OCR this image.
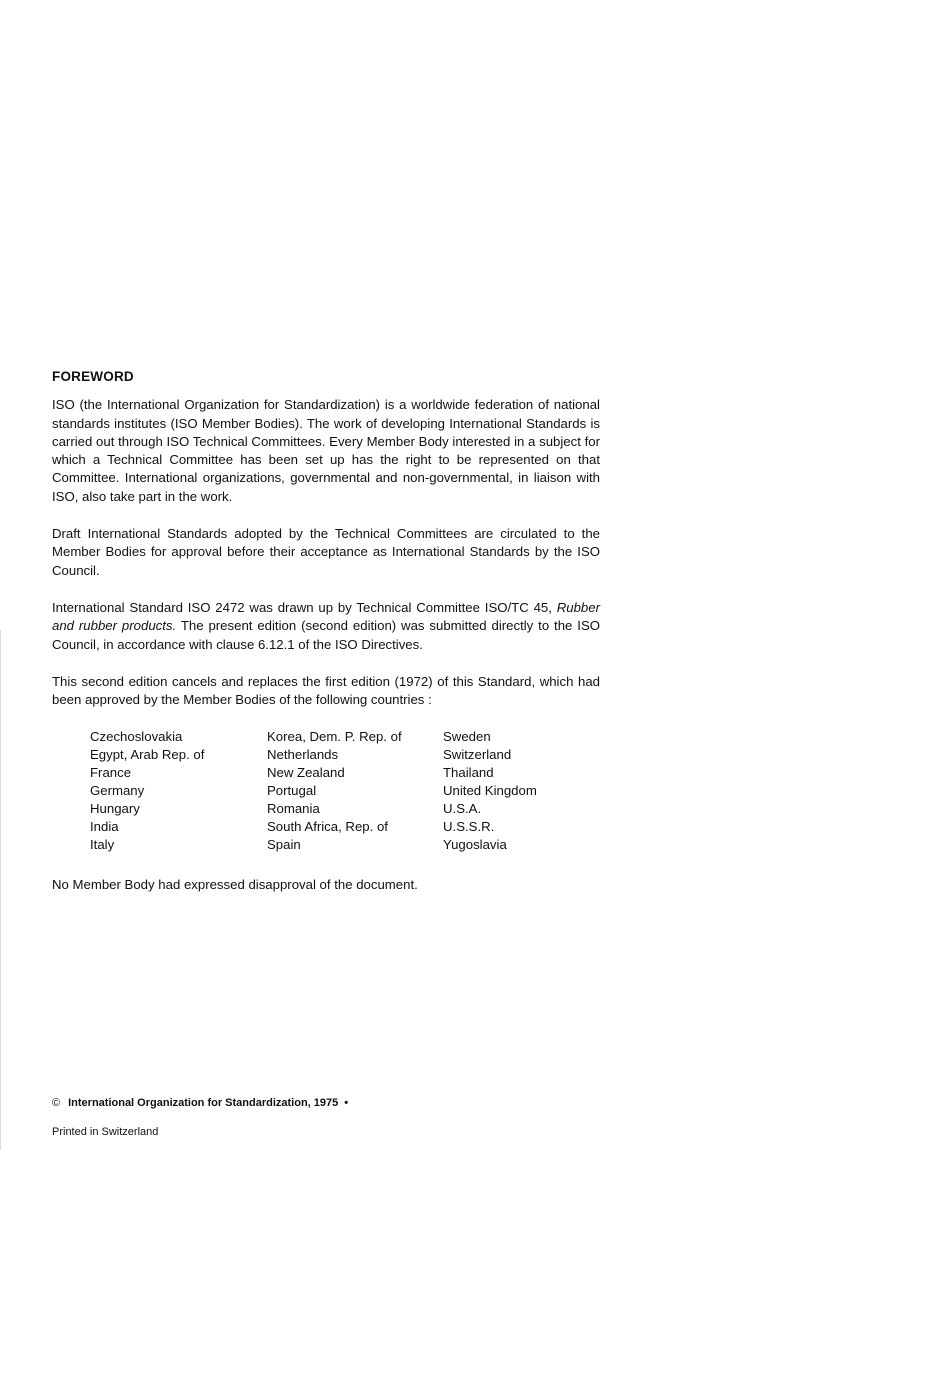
FOREWORD

ISO (the International Organization for Standardization) is a worldwide federation of national standards institutes (ISO Member Bodies). The work of developing International Standards is carried out through ISO Technical Committees. Every Member Body interested in a subject for which a Technical Committee has been set up has the right to be represented on that Committee. International organizations, governmental and non-governmental, in liaison with ISO, also take part in the work.

Draft International Standards adopted by the Technical Committees are circulated to the Member Bodies for approval before their acceptance as International Standards by the ISO Council.

International Standard ISO 2472 was drawn up by Technical Committee ISO/TC 45, Rubber and rubber products. The present edition (second edition) was submitted directly to the ISO Council, in accordance with clause 6.12.1 of the ISO Directives.

This second edition cancels and replaces the first edition (1972) of this Standard, which had been approved by the Member Bodies of the following countries :

Czechoslovakia
Egypt, Arab Rep. of
France
Germany
Hungary
India
Italy
Korea, Dem. P. Rep. of
Netherlands
New Zealand
Portugal
Romania
South Africa, Rep. of
Spain
Sweden
Switzerland
Thailand
United Kingdom
U.S.A.
U.S.S.R.
Yugoslavia

No Member Body had expressed disapproval of the document.

© International Organization for Standardization, 1975 •
Printed in Switzerland
